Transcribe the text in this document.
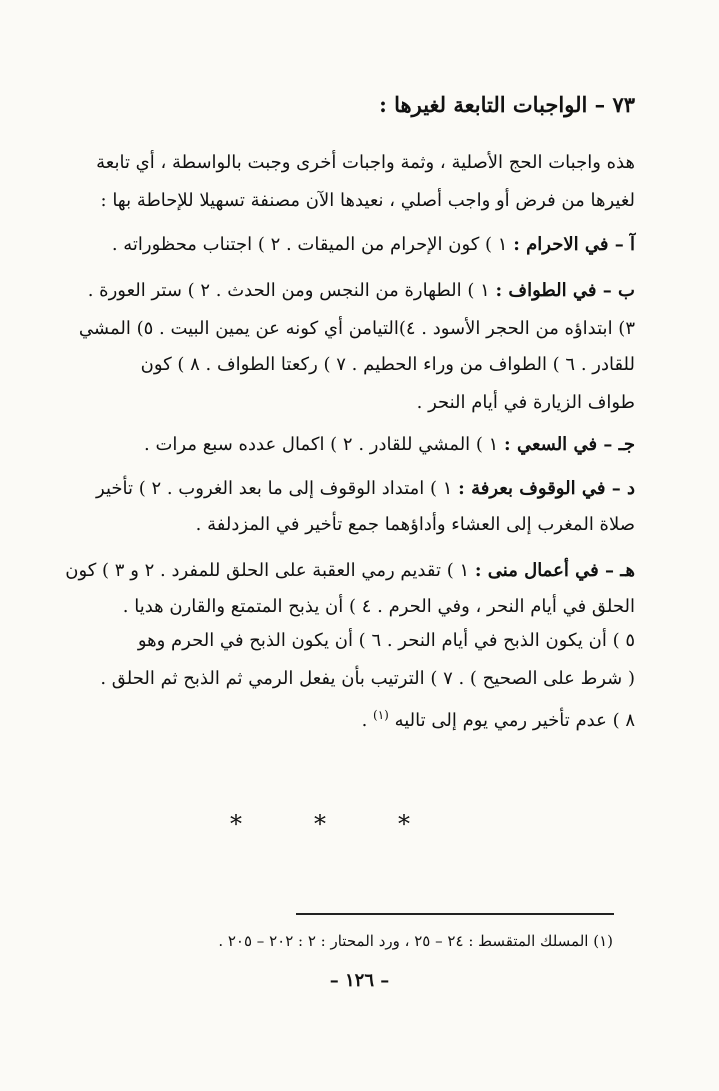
٧٣ – الواجبات التابعة لغيرها :
هذه واجبات الحج الأصلية ، وثمة واجبات أخرى وجبت بالواسطة ، أي تابعة
لغيرها من فرض أو واجب أصلي ، نعيدها الآن مصنفة تسهيلا للإحاطة بها :
آ – في الاحرام : ١ ) كون الإحرام من الميقات . ٢ ) اجتناب محظوراته .
ب – في الطواف : ١ ) الطهارة من النجس ومن الحدث . ٢ ) ستر العورة .
٣) ابتداؤه من الحجر الأسود . ٤)التيامن أي كونه عن يمين البيت . ٥) المشي
للقادر . ٦ ) الطواف من وراء الحطيم . ٧ ) ركعتا الطواف . ٨ ) كون
طواف الزيارة في أيام النحر .
جـ – في السعي : ١ ) المشي للقادر . ٢ ) اكمال عدده سبع مرات .
د – في الوقوف بعرفة : ١ ) امتداد الوقوف إلى ما بعد الغروب . ٢ ) تأخير
صلاة المغرب إلى العشاء وأداؤهما جمع تأخير في المزدلفة .
هـ – في أعمال منى : ١ ) تقديم رمي العقبة على الحلق للمفرد . ٢ و ٣ ) كون
الحلق في أيام النحر ، وفي الحرم . ٤ ) أن يذبح المتمتع والقارن هديا .
٥ ) أن يكون الذبح في أيام النحر . ٦ ) أن يكون الذبح في الحرم وهو
( شرط على الصحيح ) . ٧ ) الترتيب بأن يفعل الرمي ثم الذبح ثم الحلق .
٨ ) عدم تأخير رمي يوم إلى تاليه $^{(١)}$ .
*	*	*
(١) المسلك المتقسط : ٢٤ – ٢٥ ، ورد المحتار : ٢ : ٢٠٢ – ٢٠٥ .
– ١٢٦ –
